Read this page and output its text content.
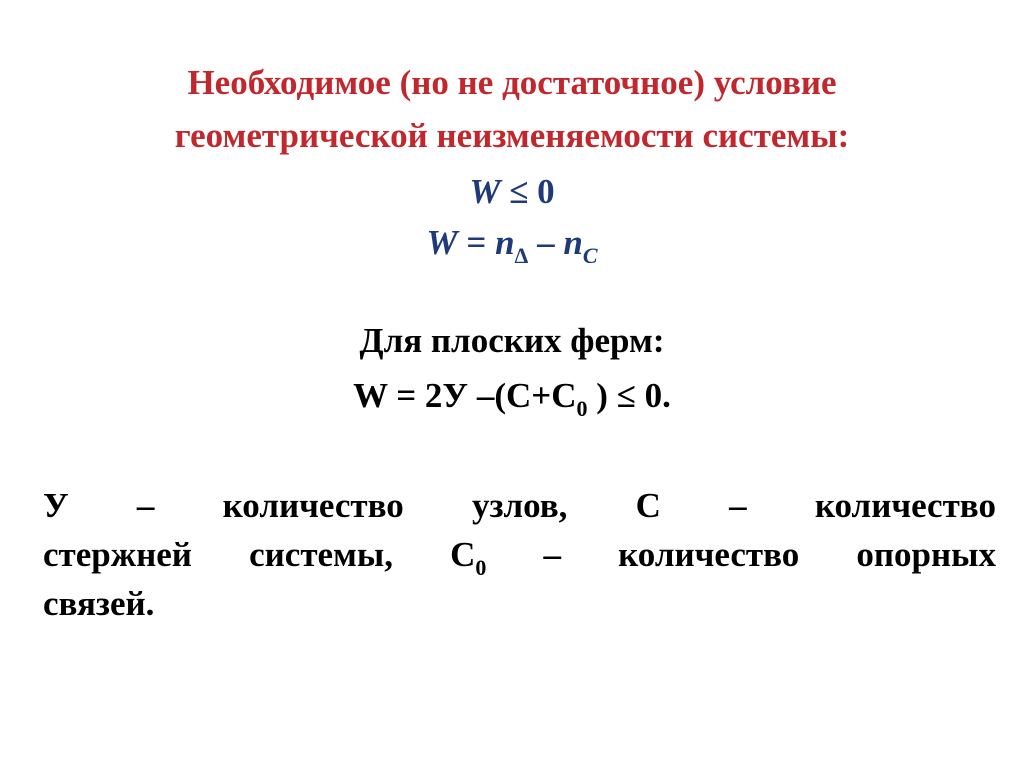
Необходимое (но не достаточное) условие
геометрической неизменяемости системы:
W ≤ 0
$W = n_\Delta - n_C$
Для плоских ферм:
W = 2У $-(С+С_0$ ) ≤ 0.
У – количество узлов, С – количество
стержней системы, $С_0$ – количество опорных
связей.
